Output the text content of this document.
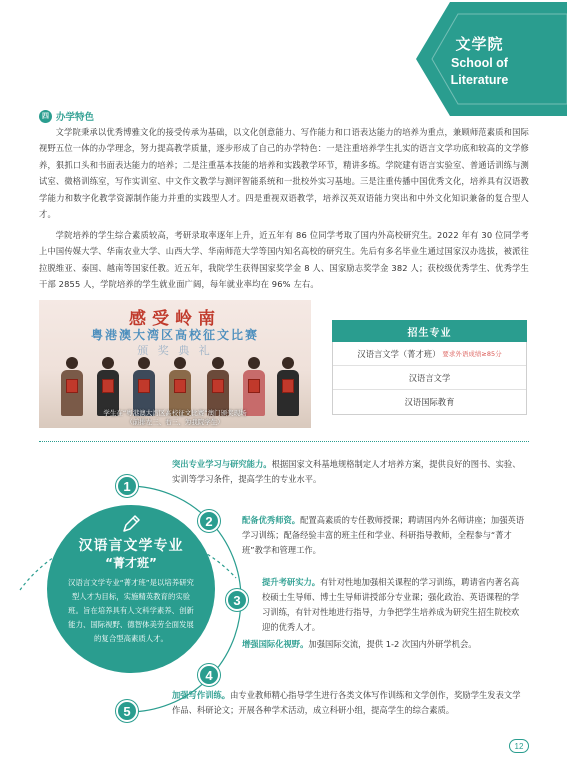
文学院
School of
Literature
四 办学特色

文学院秉承以优秀博雅文化的接受传承为基础，以文化创意能力、写作能力和口语表达能力的培养为重点，兼顾师范素质和国际视野五位一体的办学理念，努力提高教学质量，逐步形成了自己的办学特色：一是注重培养学生扎实的语言文学功底和较高的文学修养，狠抓口头和书面表达能力的培养；二是注重基本技能的培养和实践教学环节，精讲多练。学院建有语言实验室、普通话训练与测试室、微格训练室，写作实训室、中文作文教学与测评智能系统和一批校外实习基地。三是注重传播中国优秀文化，培养具有汉语教学能力和数字化教学资源制作能力并重的实践型人才。四是重视双语教学，培养汉英双语能力突出和中外文化知识兼备的复合型人才。

学院培养的学生综合素质较高，考研录取率逐年上升，近五年有 86 位同学考取了国内外高校研究生。2022 年有 30 位同学考上中国传媒大学、华南农业大学、山西大学、华南师范大学等国内知名高校的研究生。先后有多名毕业生通过国家汉办选拔，被派往拉脱维亚、泰国、越南等国家任教。近五年，我院学生获得国家奖学金 8 人、国家励志奖学金 382 人；获校级优秀学生、优秀学生干部 2855 人，学院培养的学生就业面广阔，每年就业率均在 96% 左右。

感受岭南
粤港澳大湾区高校征文比赛
颁 奖 典 礼
学生在“粤港澳大湾区高校征文比赛”澳门颁奖现场
（前排左三、右三、为我院学生）
招生专业
汉语言文学（菁才班） 要求外语成绩≥85分
汉语言文学
汉语国际教育
汉语言文学专业
“菁才班”
汉语言文学专业“菁才班”是以培养研究型人才为目标，实施精英教育的实验班。旨在培养具有人文科学素养、创新能力、国际视野、德智体美劳全面发展的复合型高素质人才。
1
2
3
4
5
突出专业学习与研究能力。根据国家文科基地规格制定人才培养方案，提供良好的图书、实验、实训等学习条件，提高学生的专业水平。
配备优秀师资。配置高素质的专任教师授课；聘请国内外名师讲座；加强英语学习训练；配备经验丰富的班主任和学业、科研指导教师，全程参与“菁才班”教学和管理工作。
提升考研实力。有针对性地加强相关课程的学习训练，聘请省内著名高校硕士生导师、博士生导师讲授部分专业课；强化政治、英语课程的学习训练，有针对性地进行指导，力争把学生培养成为研究生招生院校欢迎的优秀人才。
增强国际化视野。加强国际交流，提供 1-2 次国内外研学机会。
加强写作训练。由专业教师精心指导学生进行各类文体写作训练和文学创作，奖励学生发表文学作品、科研论文；开展各种学术活动，成立科研小组，提高学生的综合素质。
12
